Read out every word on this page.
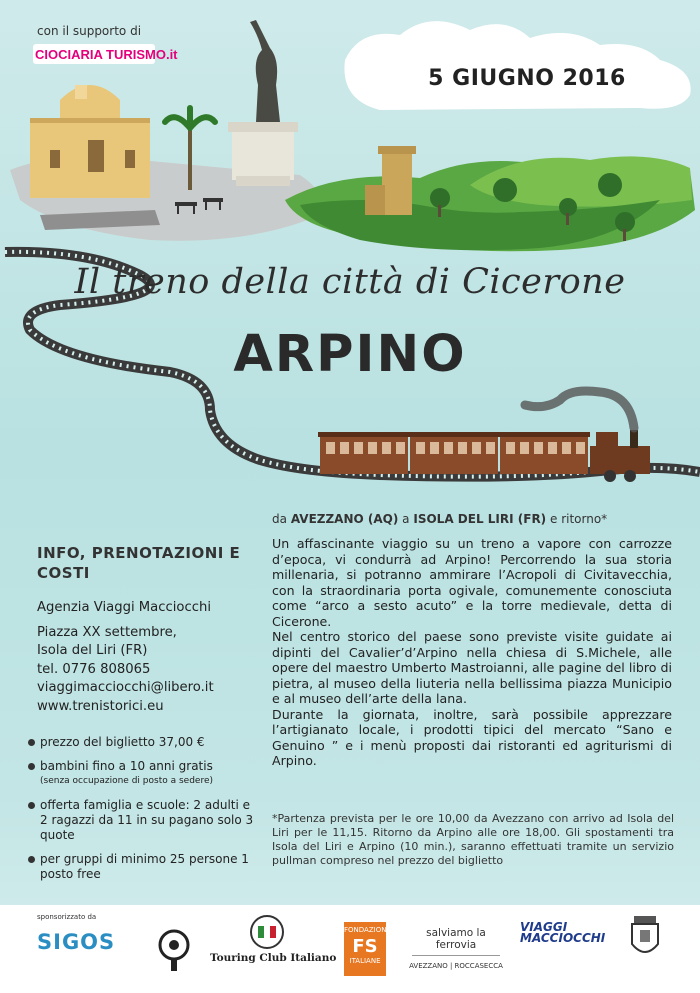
con il supporto di
CIOCIARIA TURISMO.it
5 GIUGNO 2016
Il treno della città di Cicerone
ARPINO
da AVEZZANO (AQ) a ISOLA DEL LIRI (FR) e ritorno*
INFO, PRENOTAZIONI E COSTI
Agenzia Viaggi Macciocchi
Piazza XX settembre,
Isola del Liri (FR)
tel. 0776 808065
viaggimacciocchi@libero.it
www.trenistorici.eu
prezzo del biglietto 37,00 €
bambini fino a 10 anni gratis
(senza occupazione di posto a sedere)
offerta famiglia e scuole: 2 adulti e 2 ragazzi da 11 in su pagano solo 3 quote
per gruppi di minimo 25 persone 1 posto free

Un affascinante viaggio su un treno a vapore con carrozze d’epoca, vi condurrà ad Arpino! Percorrendo la sua storia millenaria, si potranno ammirare l’Acropoli di Civitavecchia, con la straordinaria porta ogivale, comunemente conosciuta come “arco a sesto acuto” e la torre medievale, detta di Cicerone.

Nel centro storico del paese sono previste visite guidate ai dipinti del Cavalier’d’Arpino nella chiesa di S.Michele, alle opere del maestro Umberto Mastroianni, alle pagine del libro di pietra, al museo della liuteria nella bellissima piazza Municipio e al museo dell’arte della lana.

Durante la giornata, inoltre, sarà possibile apprezzare l’artigianato locale, i prodotti tipici del mercato “Sano e Genuino ” e i menù proposti dai ristoranti ed agriturismi di Arpino.

*Partenza prevista per le ore 10,00 da Avezzano con arrivo ad Isola del Liri per le 11,15. Ritorno da Arpino alle ore 18,00. Gli spostamenti tra Isola del Liri e Arpino (10 min.), saranno effettuati tramite un servizio pullman compreso nel prezzo del biglietto
sponsorizzato da
SIGOS
Touring Club Italiano
FONDAZIONE
FS
ITALIANE
salviamo la ferrovia
AVEZZANO | ROCCASECCA
VIAGGI
MACCIOCCHI
